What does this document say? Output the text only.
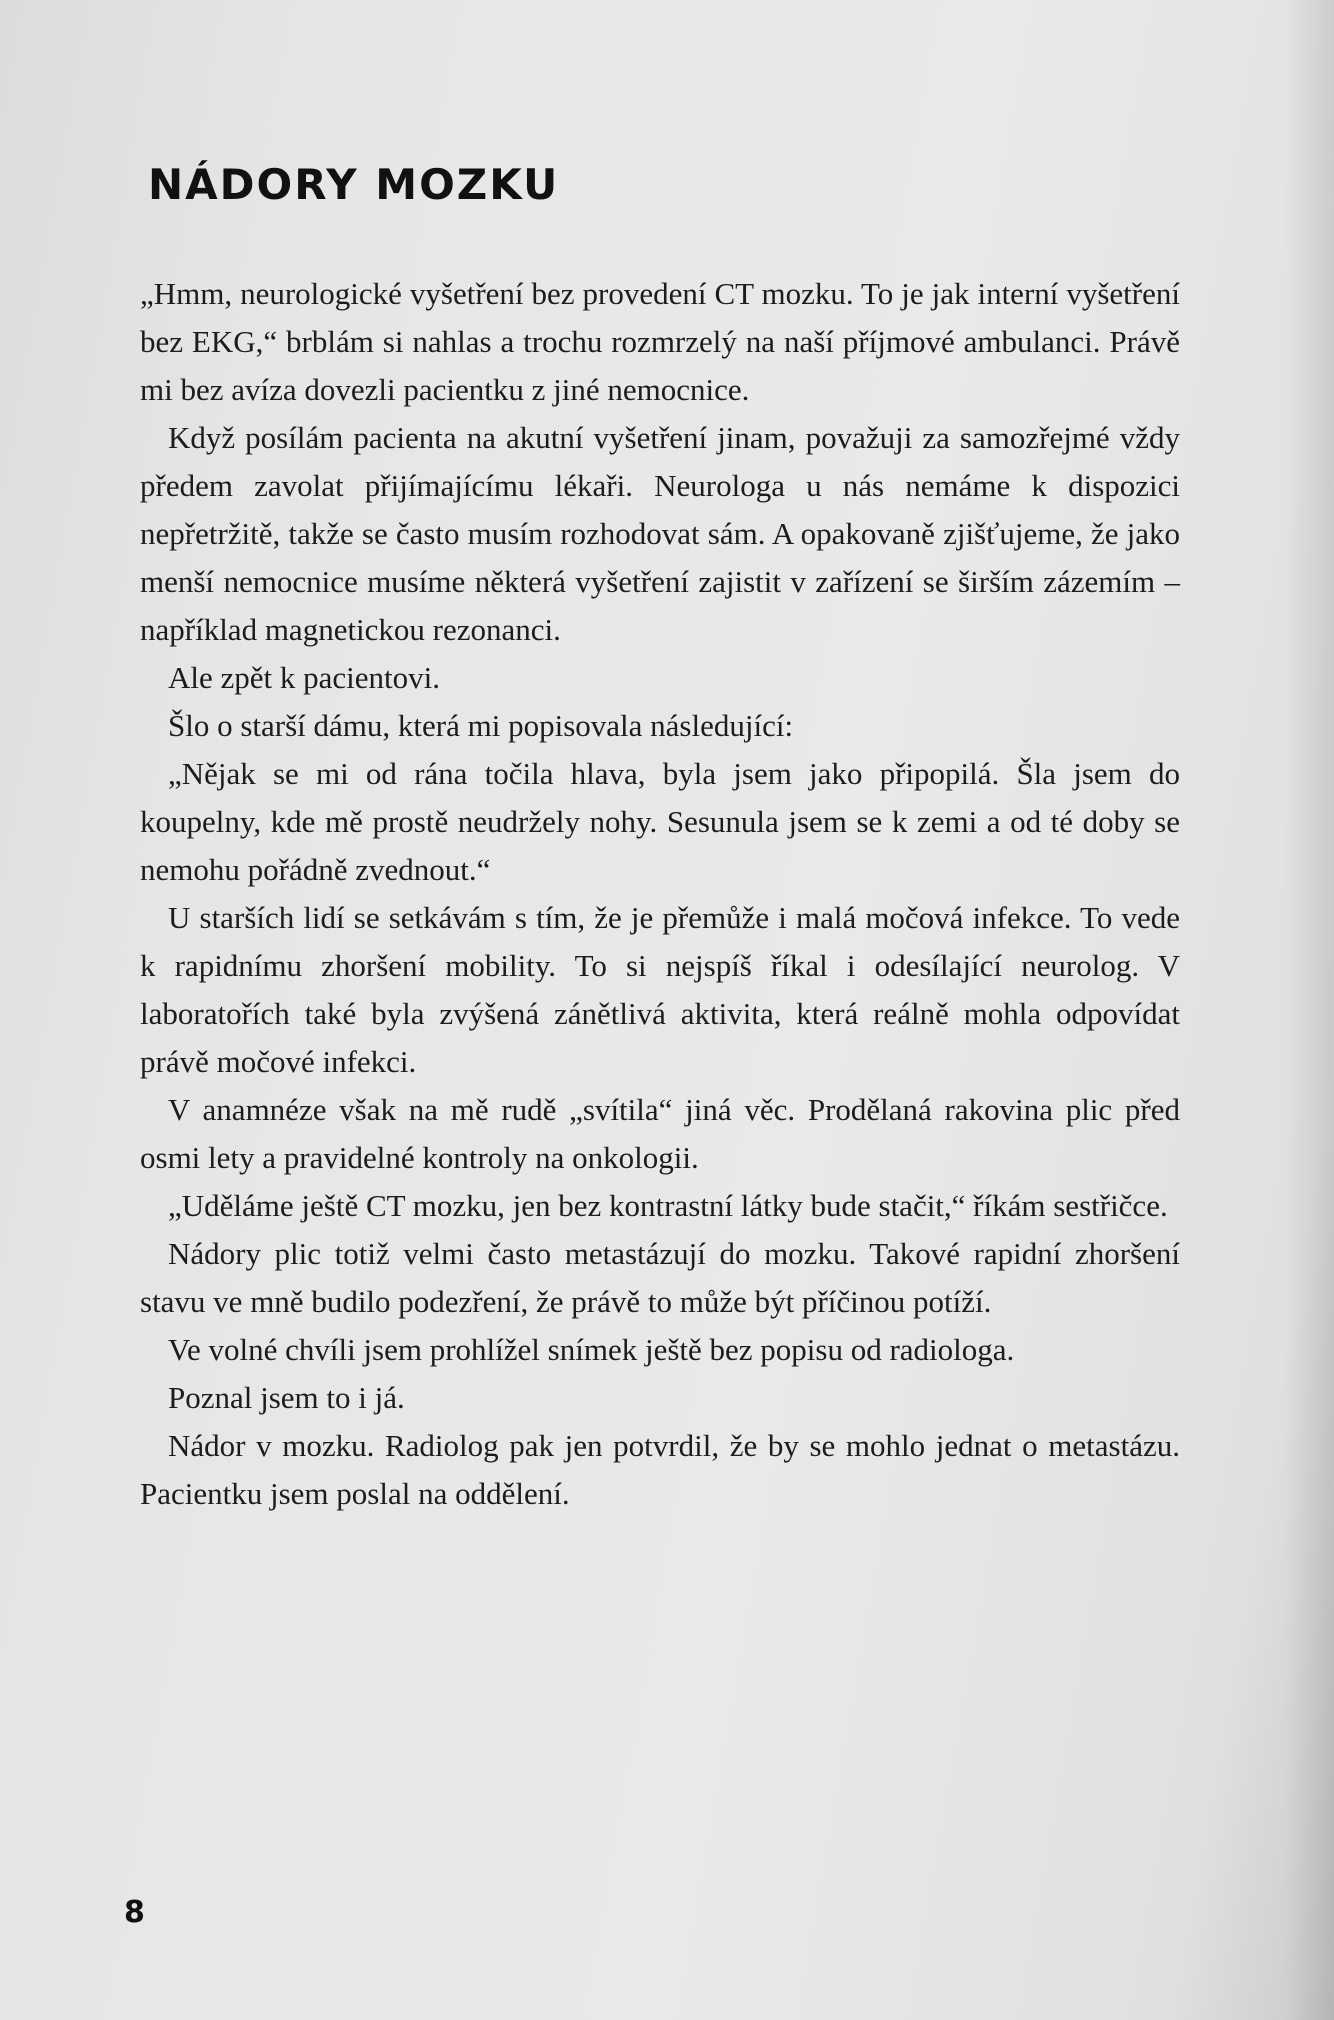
NÁDORY MOZKU

„Hmm, neurologické vyšetření bez provedení CT mozku. To je jak interní vyšetření bez EKG,“ brblám si nahlas a trochu rozmrzelý na naší příjmové ambulanci. Právě mi bez avíza dovezli pacientku z jiné nemocnice.

Když posílám pacienta na akutní vyšetření jinam, považuji za samozřejmé vždy předem zavolat přijímajícímu lékaři. Neurologa u nás nemáme k dispozici nepřetržitě, takže se často musím rozhodovat sám. A opakovaně zjišťujeme, že jako menší nemocnice musíme některá vyšetření zajistit v zařízení se širším zázemím – například magnetickou rezonanci.

Ale zpět k pacientovi.

Šlo o starší dámu, která mi popisovala následující:

„Nějak se mi od rána točila hlava, byla jsem jako připopilá. Šla jsem do koupelny, kde mě prostě neudržely nohy. Sesunula jsem se k zemi a od té doby se nemohu pořádně zvednout.“

U starších lidí se setkávám s tím, že je přemůže i malá močová infekce. To vede k rapidnímu zhoršení mobility. To si nejspíš říkal i odesílající neurolog. V laboratořích také byla zvýšená zánětlivá aktivita, která reálně mohla odpovídat právě močové infekci.

V anamnéze však na mě rudě „svítila“ jiná věc. Prodělaná rakovina plic před osmi lety a pravidelné kontroly na onkologii.

„Uděláme ještě CT mozku, jen bez kontrastní látky bude stačit,“ říkám sestřičce.

Nádory plic totiž velmi často metastázují do mozku. Takové rapidní zhoršení stavu ve mně budilo podezření, že právě to může být příčinou potíží.

Ve volné chvíli jsem prohlížel snímek ještě bez popisu od radiologa.

Poznal jsem to i já.

Nádor v mozku. Radiolog pak jen potvrdil, že by se mohlo jednat o metastázu. Pacientku jsem poslal na oddělení.

8
